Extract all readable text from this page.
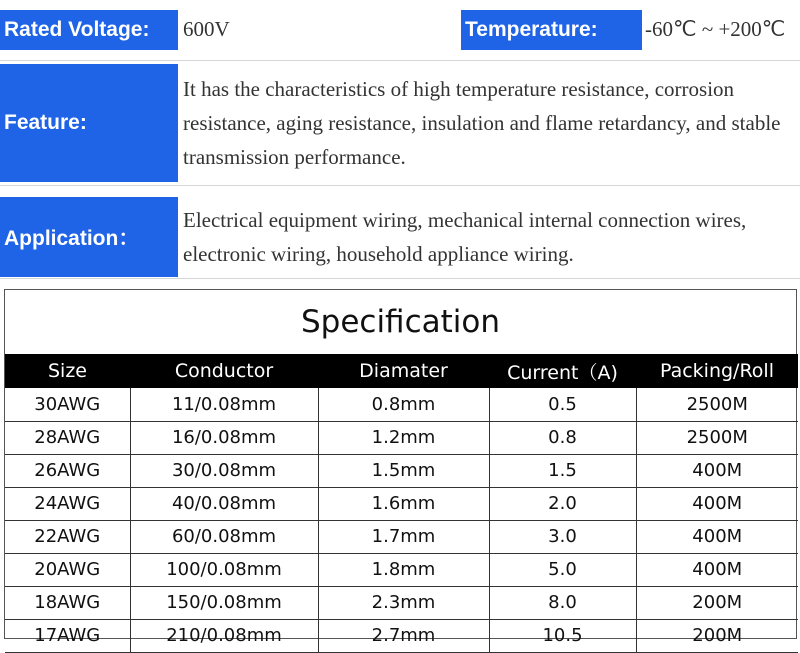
Rated Voltage:	600V	Temperature:	-60℃ ~ +200℃
Feature:
It has the characteristics of high temperature resistance, corrosion resistance, aging resistance, insulation and flame retardancy, and stable transmission performance.
Application：
Electrical equipment wiring, mechanical internal connection wires, electronic wiring, household appliance wiring.
Specification
Size	Conductor	Diamater	Current（A)	Packing/Roll
30AWG	11/0.08mm	0.8mm	0.5	2500M
28AWG	16/0.08mm	1.2mm	0.8	2500M
26AWG	30/0.08mm	1.5mm	1.5	400M
24AWG	40/0.08mm	1.6mm	2.0	400M
22AWG	60/0.08mm	1.7mm	3.0	400M
20AWG	100/0.08mm	1.8mm	5.0	400M
18AWG	150/0.08mm	2.3mm	8.0	200M
17AWG	210/0.08mm	2.7mm	10.5	200M
